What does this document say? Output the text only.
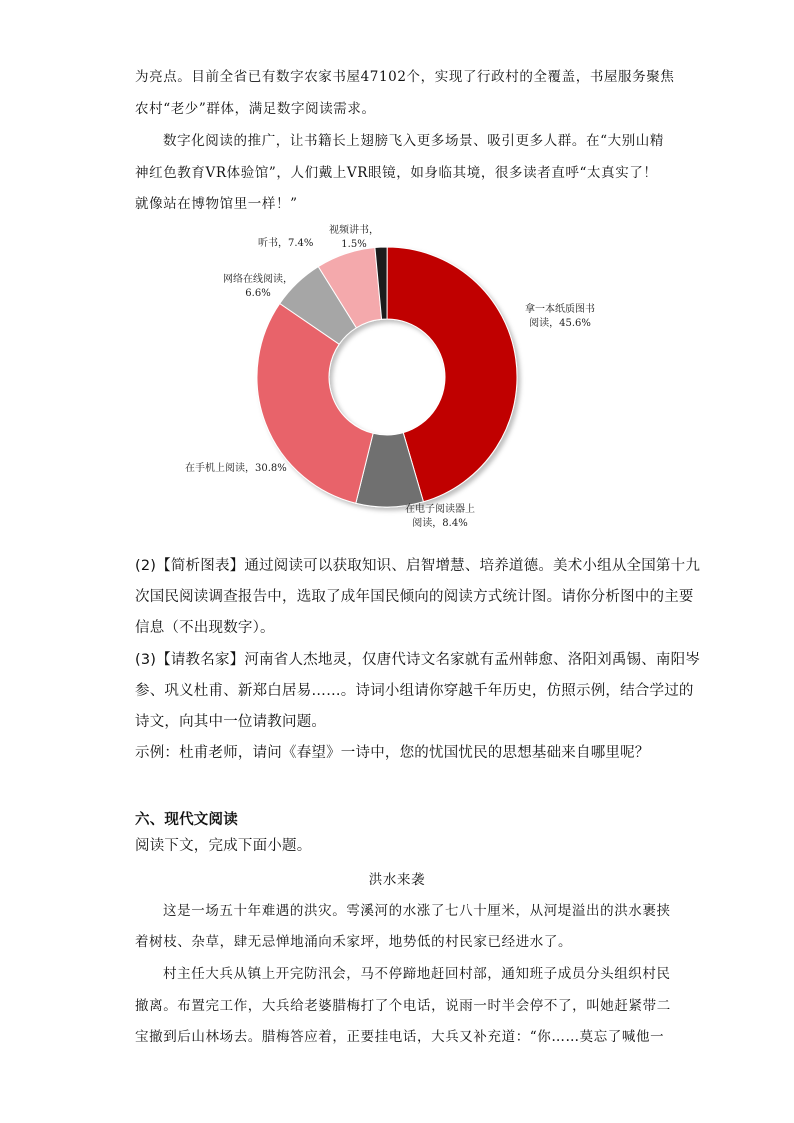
为亮点。目前全省已有数字农家书屋47102个，实现了行政村的全覆盖，书屋服务聚焦
农村“老少”群体，满足数字阅读需求。
数字化阅读的推广，让书籍长上翅膀飞入更多场景、吸引更多人群。在“大别山精
神红色教育VR体验馆”，人们戴上VR眼镜，如身临其境，很多读者直呼“太真实了！
就像站在博物馆里一样！”
拿一本纸质图书
阅读，45.6%
在电子阅读器上
阅读，8.4%
在手机上阅读，30.8%
网络在线阅读，
6.6%
听书，7.4%
视频讲书，
1.5%
(2)【简析图表】通过阅读可以获取知识、启智增慧、培养道德。美术小组从全国第十九
次国民阅读调查报告中，选取了成年国民倾向的阅读方式统计图。请你分析图中的主要
信息（不出现数字）。
(3)【请教名家】河南省人杰地灵，仅唐代诗文名家就有孟州韩愈、洛阳刘禹锡、南阳岑
参、巩义杜甫、新郑白居易……。诗词小组请你穿越千年历史，仿照示例，结合学过的
诗文，向其中一位请教问题。
示例：杜甫老师，请问《春望》一诗中，您的忧国忧民的思想基础来自哪里呢？
六、现代文阅读
阅读下文，完成下面小题。
洪水来袭
这是一场五十年难遇的洪灾。雩溪河的水涨了七八十厘米，从河堤溢出的洪水裹挟
着树枝、杂草，肆无忌惮地涌向禾家坪，地势低的村民家已经进水了。
村主任大兵从镇上开完防汛会，马不停蹄地赶回村部，通知班子成员分头组织村民
撤离。布置完工作，大兵给老婆腊梅打了个电话，说雨一时半会停不了，叫她赶紧带二
宝撤到后山林场去。腊梅答应着，正要挂电话，大兵又补充道：“你……莫忘了喊他一
